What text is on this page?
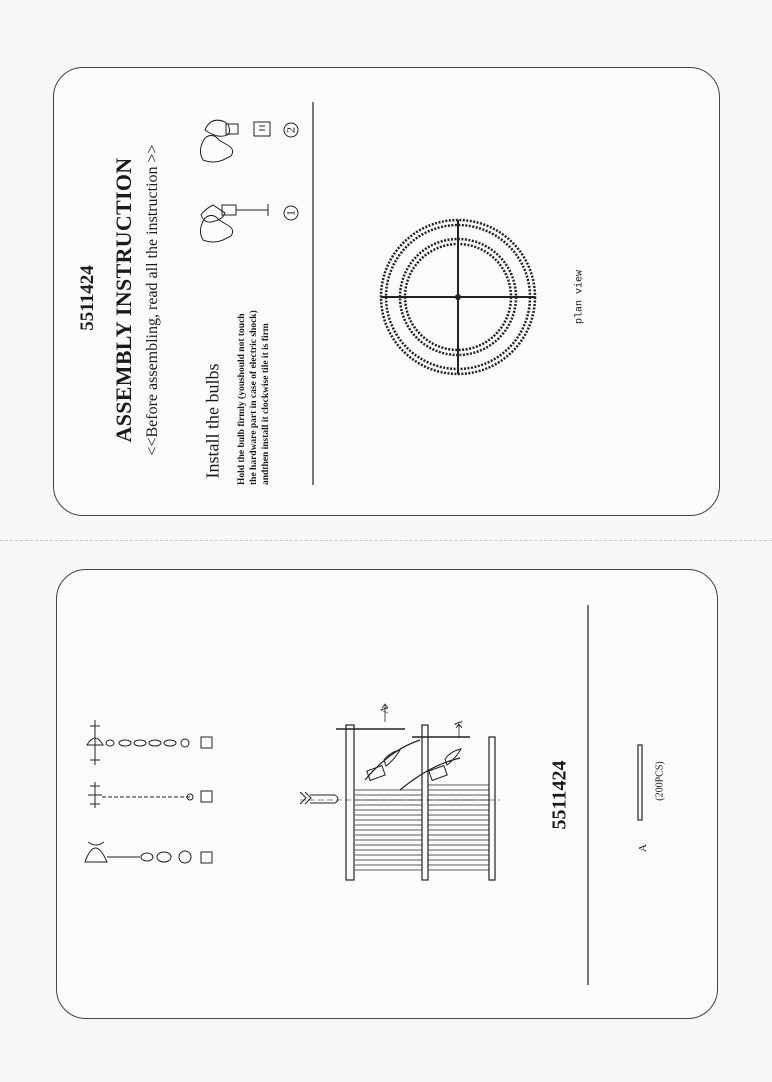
5511424 ASSEMBLY INSTRUCTION <<Before assembling, read all the instruction >> Install the bulbs Hold the bulb firmly (youshould not touch the hardware part in case of electric shock) andthen install it clockwise tile it is firm
plan view
1
2
A
A
5511424
A
(200PCS)
